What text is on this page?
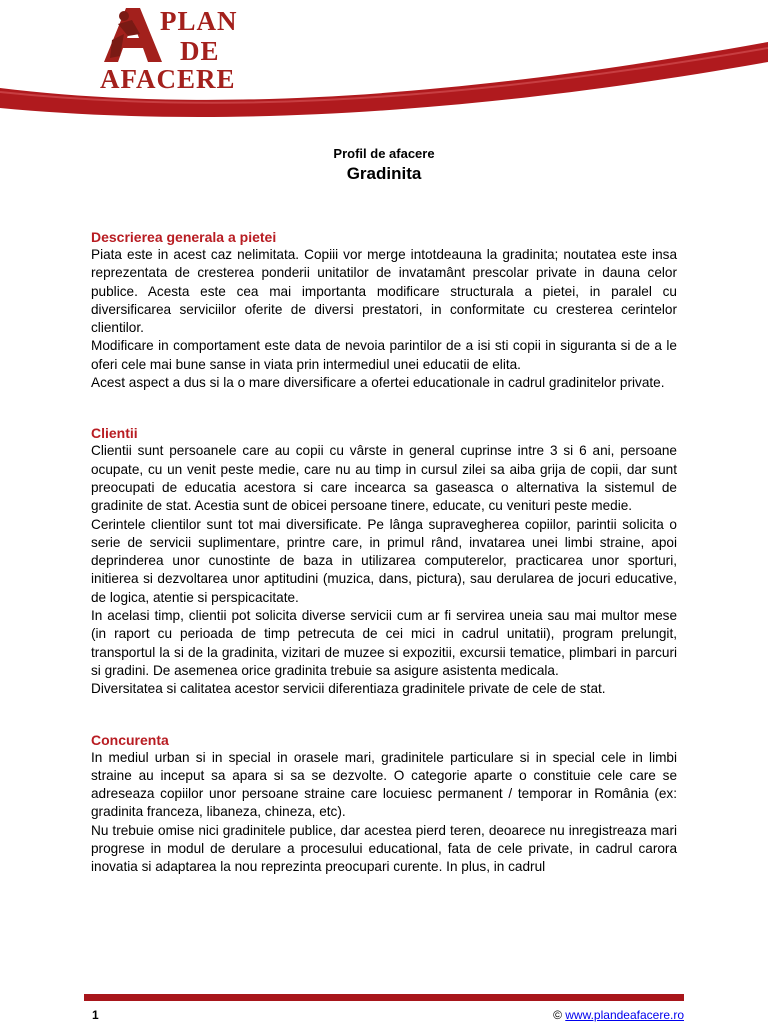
PLAN
DE
AFACERE
Profil de afacere
Gradinita

Descrierea generala a pietei

Piata este in acest caz nelimitata. Copiii vor merge intotdeauna la gradinita; noutatea este insa reprezentata de cresterea ponderii unitatilor de invatamânt prescolar private in dauna celor publice. Acesta este cea mai importanta modificare structurala a pietei, in paralel cu diversificarea serviciilor oferite de diversi prestatori, in conformitate cu cresterea cerintelor clientilor.

Modificare in comportament este data de nevoia parintilor de a isi sti copii in siguranta si de a le oferi cele mai bune sanse in viata prin intermediul unei educatii de elita.

Acest aspect a dus si la o mare diversificare a ofertei educationale in cadrul gradinitelor private.

Clientii

Clientii sunt persoanele care au copii cu vârste in general cuprinse intre 3 si 6 ani, persoane ocupate, cu un venit peste medie, care nu au timp in cursul zilei sa aiba grija de copii, dar sunt preocupati de educatia acestora si care incearca sa gaseasca o alternativa la sistemul de gradinite de stat. Acestia sunt de obicei persoane tinere, educate, cu venituri peste medie.

Cerintele clientilor sunt tot mai diversificate. Pe lânga supravegherea copiilor, parintii solicita o serie de servicii suplimentare, printre care, in primul rând, invatarea unei limbi straine, apoi deprinderea unor cunostinte de baza in utilizarea computerelor, practicarea unor sporturi, initierea si dezvoltarea unor aptitudini (muzica, dans, pictura), sau derularea de jocuri educative, de logica, atentie si perspicacitate.

In acelasi timp, clientii pot solicita diverse servicii cum ar fi servirea uneia sau mai multor mese (in raport cu perioada de timp petrecuta de cei mici in cadrul unitatii), program prelungit, transportul la si de la gradinita, vizitari de muzee si expozitii, excursii tematice, plimbari in parcuri si gradini. De asemenea orice gradinita trebuie sa asigure asistenta medicala.

Diversitatea si calitatea acestor servicii diferentiaza gradinitele private de cele de stat.

Concurenta

In mediul urban si in special in orasele mari, gradinitele particulare si in special cele in limbi straine au inceput sa apara si sa se dezvolte. O categorie aparte o constituie cele care se adreseaza copiilor unor persoane straine care locuiesc permanent / temporar in România (ex: gradinita franceza, libaneza, chineza, etc).

Nu trebuie omise nici gradinitele publice, dar acestea pierd teren, deoarece nu inregistreaza mari progrese in modul de derulare a procesului educational, fata de cele private, in cadrul carora inovatia si adaptarea la nou reprezinta preocupari curente. In plus, in cadrul

1	© www.plandeafacere.ro
